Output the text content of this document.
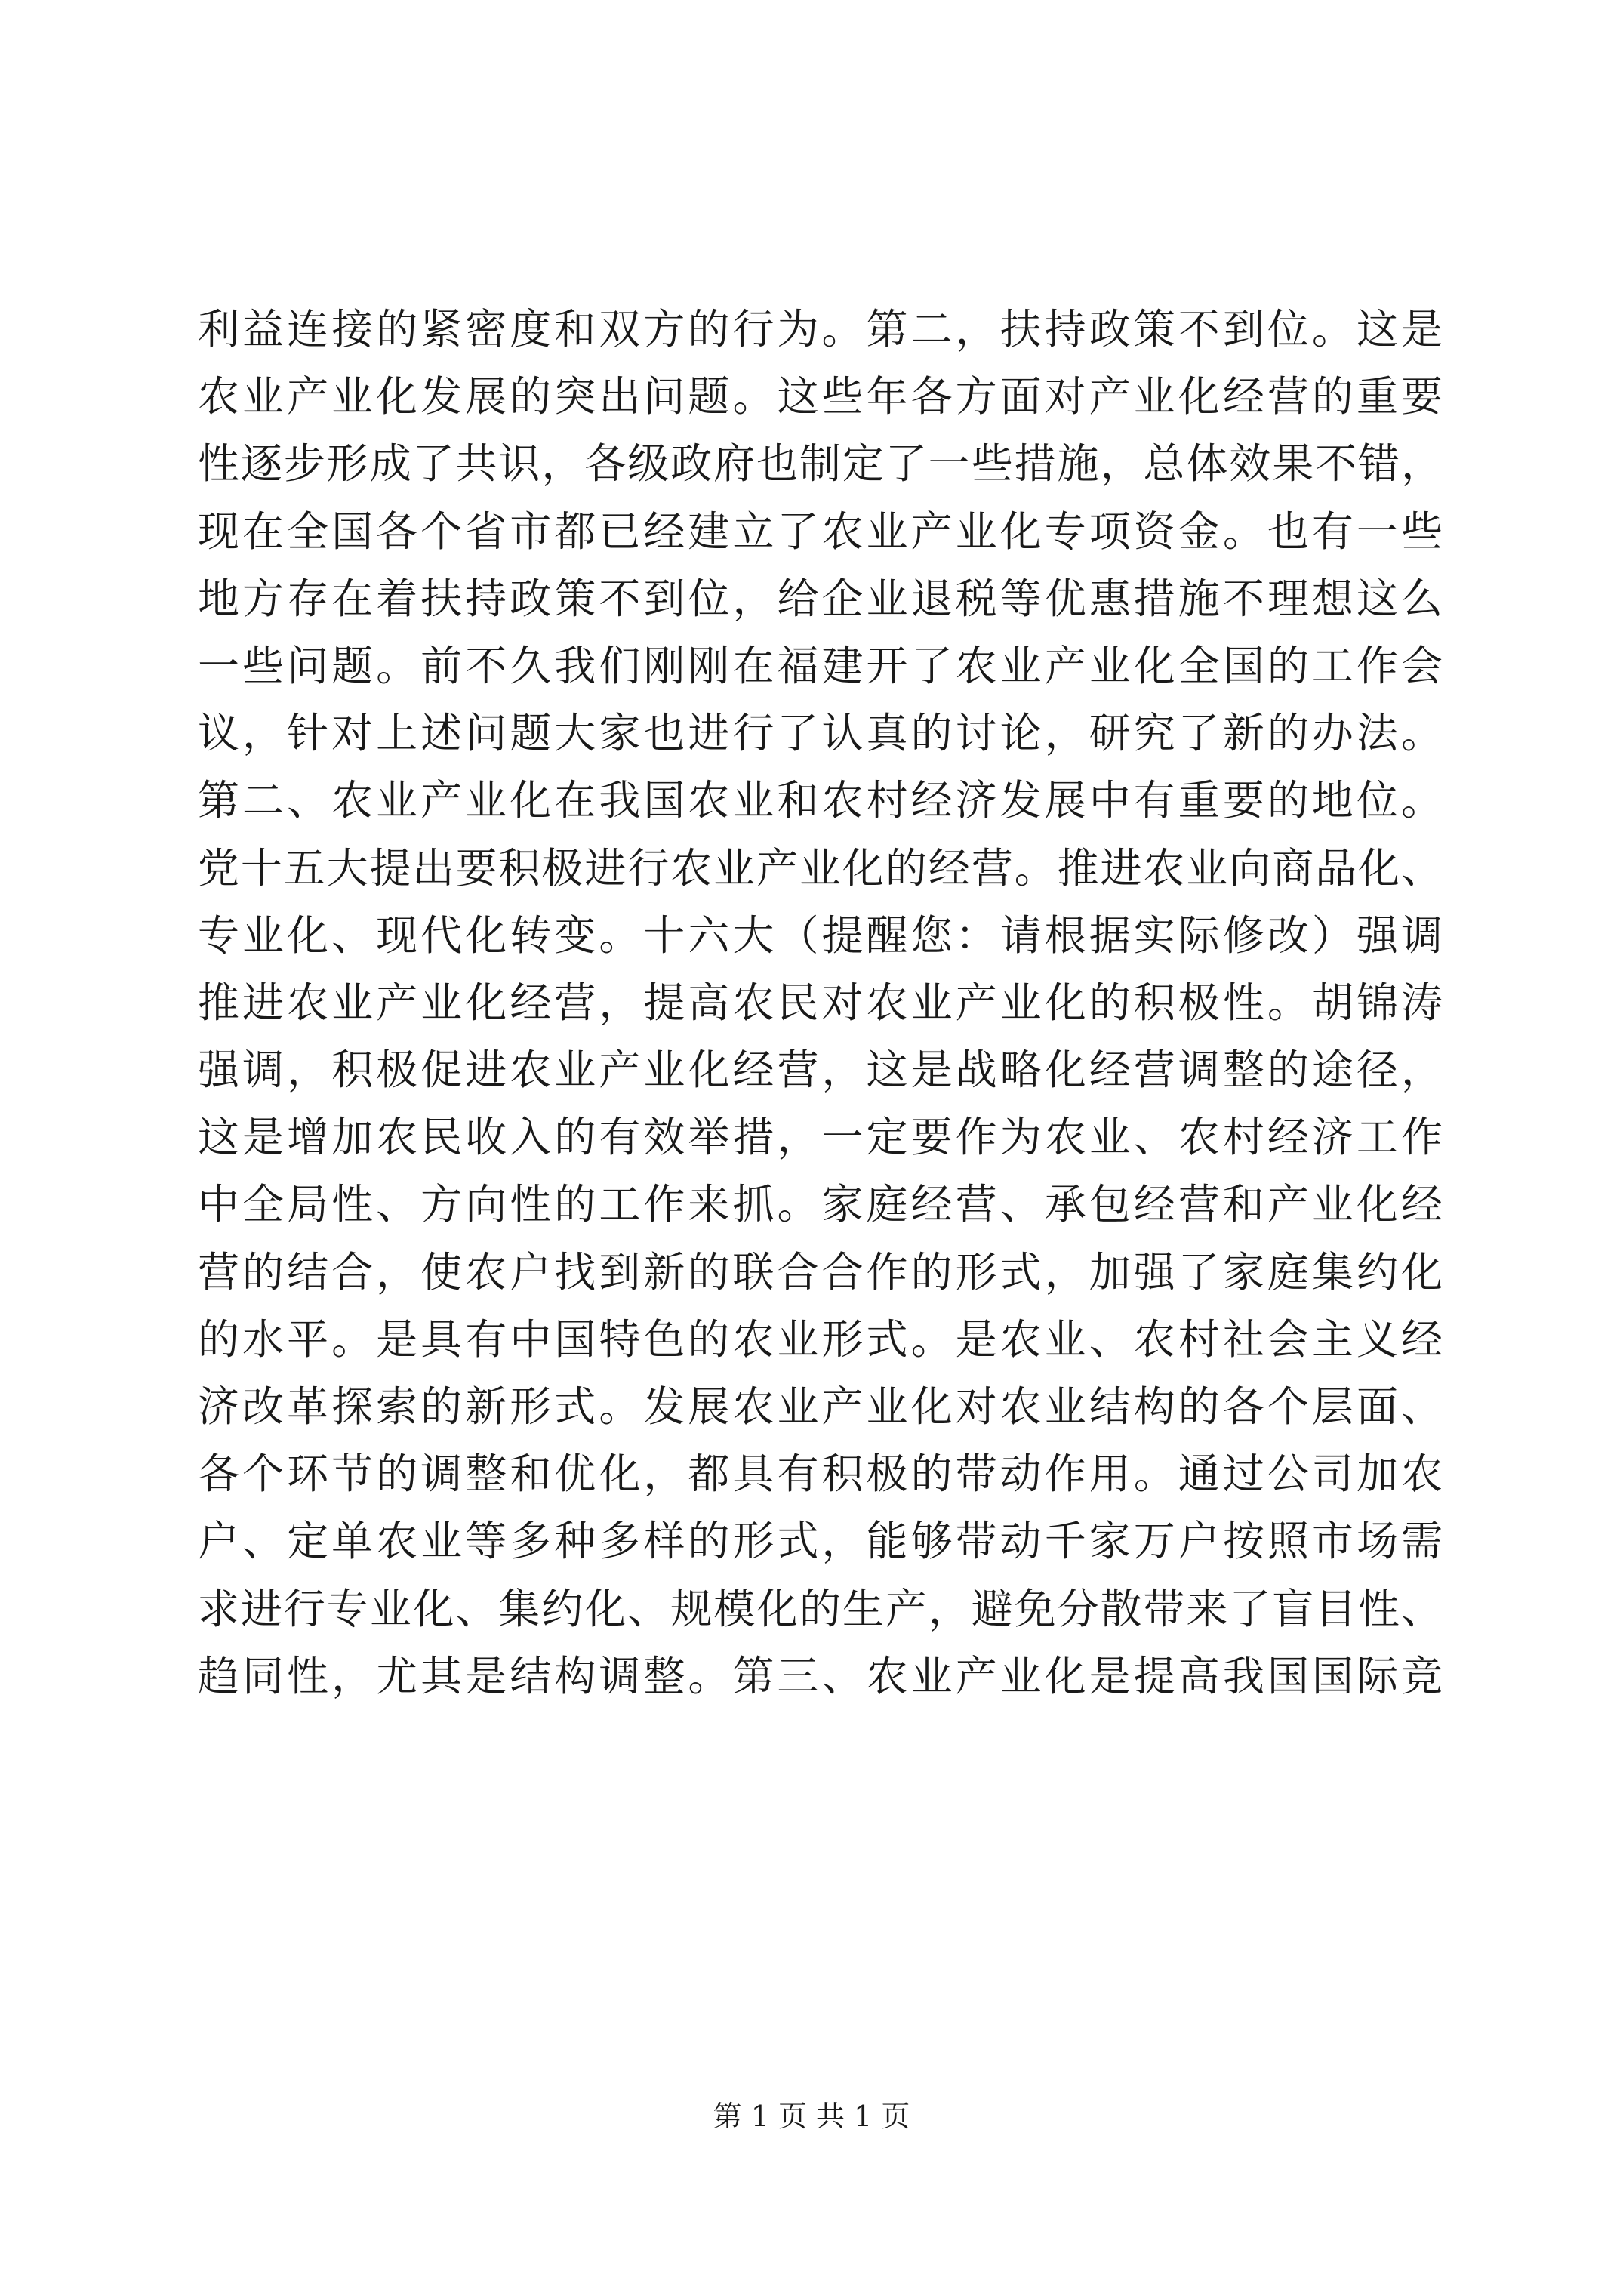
利益连接的紧密度和双方的行为。第二，扶持政策不到位。这是
农业产业化发展的突出问题。这些年各方面对产业化经营的重要
性逐步形成了共识，各级政府也制定了一些措施，总体效果不错，
现在全国各个省市都已经建立了农业产业化专项资金。也有一些
地方存在着扶持政策不到位，给企业退税等优惠措施不理想这么
一些问题。前不久我们刚刚在福建开了农业产业化全国的工作会
议，针对上述问题大家也进行了认真的讨论，研究了新的办法。
第二、农业产业化在我国农业和农村经济发展中有重要的地位。
党十五大提出要积极进行农业产业化的经营。推进农业向商品化、
专业化、现代化转变。十六大（提醒您：请根据实际修改）强调
推进农业产业化经营，提高农民对农业产业化的积极性。胡锦涛
强调，积极促进农业产业化经营，这是战略化经营调整的途径，
这是增加农民收入的有效举措，一定要作为农业、农村经济工作
中全局性、方向性的工作来抓。家庭经营、承包经营和产业化经
营的结合，使农户找到新的联合合作的形式，加强了家庭集约化
的水平。是具有中国特色的农业形式。是农业、农村社会主义经
济改革探索的新形式。发展农业产业化对农业结构的各个层面、
各个环节的调整和优化，都具有积极的带动作用。通过公司加农
户、定单农业等多种多样的形式，能够带动千家万户按照市场需
求进行专业化、集约化、规模化的生产，避免分散带来了盲目性、
趋同性，尤其是结构调整。第三、农业产业化是提高我国国际竞
第 1 页 共 1 页
